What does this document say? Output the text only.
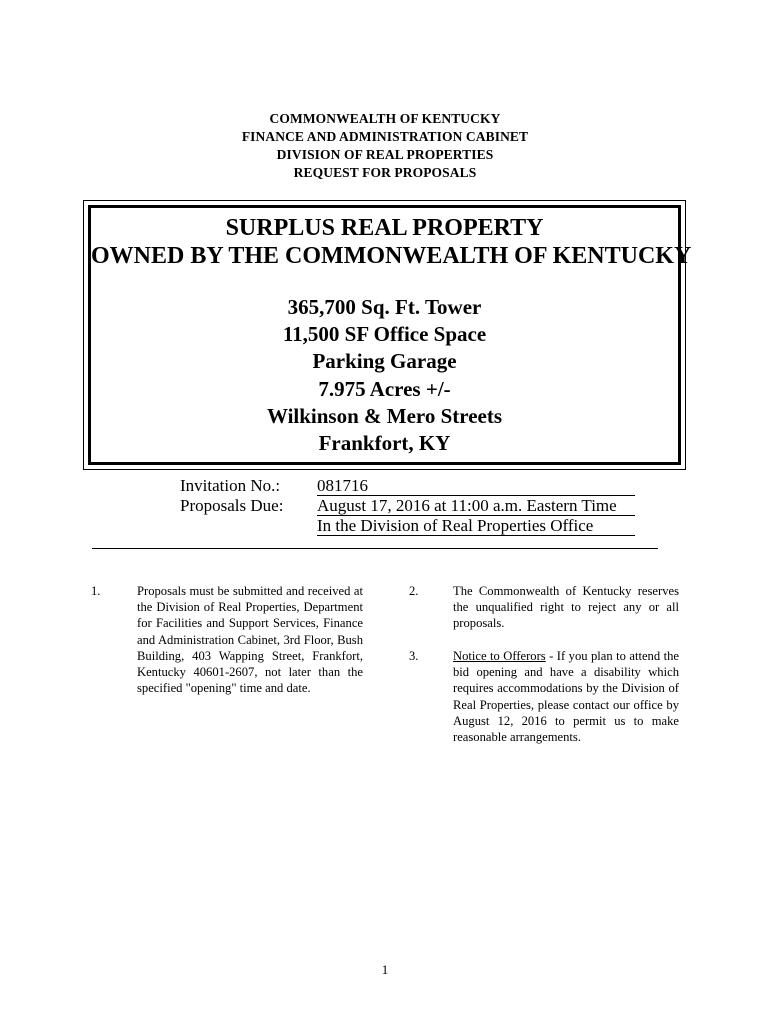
COMMONWEALTH OF KENTUCKY
FINANCE AND ADMINISTRATION CABINET
DIVISION OF REAL PROPERTIES
REQUEST FOR PROPOSALS
SURPLUS REAL PROPERTY
OWNED BY THE COMMONWEALTH OF KENTUCKY
365,700 Sq. Ft. Tower
11,500 SF Office Space
Parking Garage
7.975 Acres +/-
Wilkinson & Mero Streets
Frankfort, KY
Invitation No.: 081716
Proposals Due: August 17, 2016 at 11:00 a.m. Eastern Time
In the Division of Real Properties Office
1.	Proposals must be submitted and received at the Division of Real Properties, Department for Facilities and Support Services, Finance and Administration Cabinet, 3rd Floor, Bush Building, 403 Wapping Street, Frankfort, Kentucky 40601-2607, not later than the specified "opening" time and date.
2.	The Commonwealth of Kentucky reserves the unqualified right to reject any or all proposals.
3.	Notice to Offerors - If you plan to attend the bid opening and have a disability which requires accommodations by the Division of Real Properties, please contact our office by August 12, 2016 to permit us to make reasonable arrangements.
1
